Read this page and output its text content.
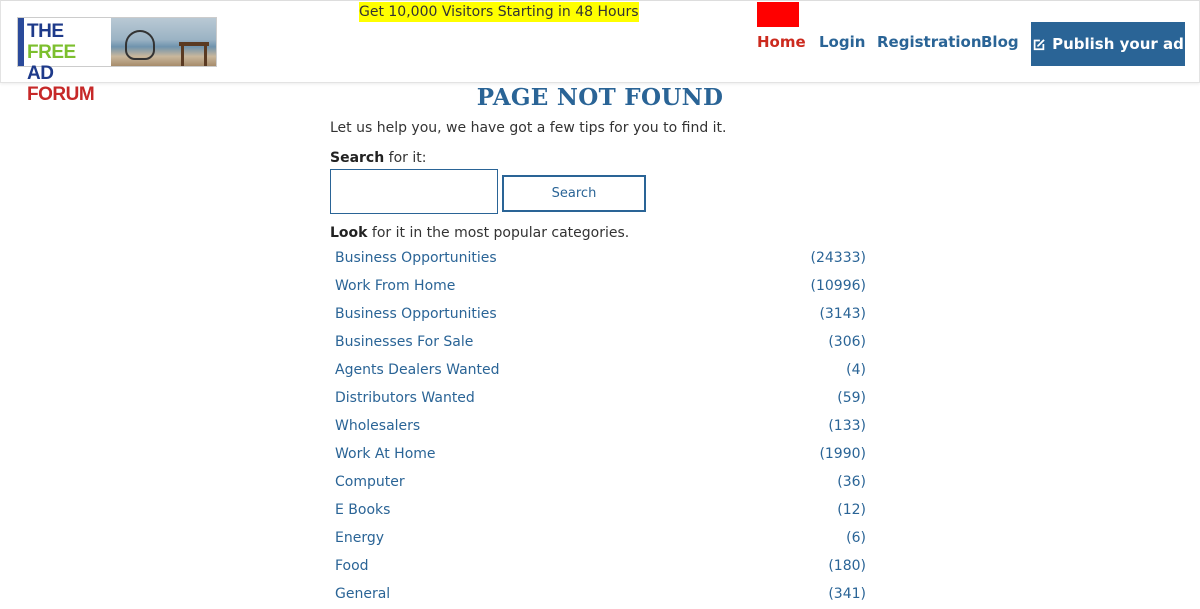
THE FREE
AD FORUM
Get 10,000 Visitors Starting in 48 Hours
Home Login Registration Blog Publish your ad
PAGE NOT FOUND
Let us help you, we have got a few tips for you to find it.
Search for it:
Search
Look for it in the most popular categories.
Business Opportunities	(24333)
Work From Home	(10996)
Business Opportunities	(3143)
Businesses For Sale	(306)
Agents Dealers Wanted	(4)
Distributors Wanted	(59)
Wholesalers	(133)
Work At Home	(1990)
Computer	(36)
E Books	(12)
Energy	(6)
Food	(180)
General	(341)
